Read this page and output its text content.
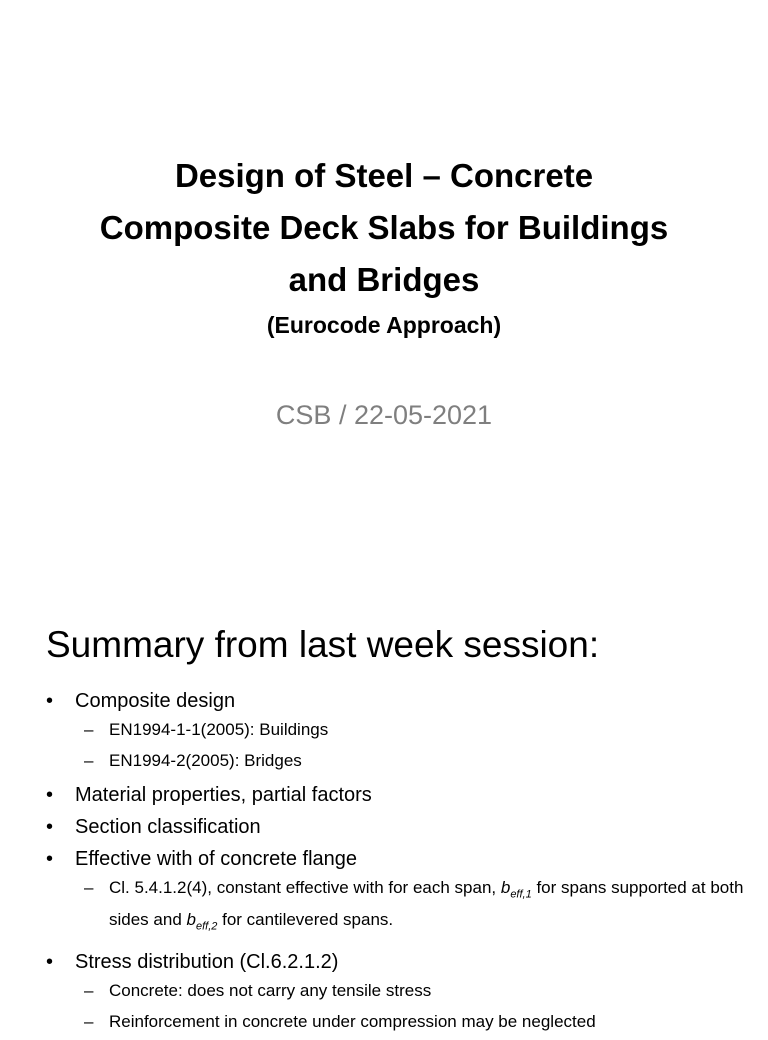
Design of Steel – Concrete
Composite Deck Slabs for Buildings
and Bridges
(Eurocode Approach)
CSB / 22-05-2021
Summary from last week session:
• Composite design
– EN1994-1-1(2005): Buildings
– EN1994-2(2005): Bridges
• Material properties, partial factors
• Section classification
• Effective with of concrete flange
– Cl. 5.4.1.2(4), constant effective with for each span, $b_{eff,1}$ for spans supported at both sides and $b_{eff,2}$ for cantilevered spans.
• Stress distribution (Cl.6.2.1.2)
– Concrete: does not carry any tensile stress
– Reinforcement in concrete under compression may be neglected
